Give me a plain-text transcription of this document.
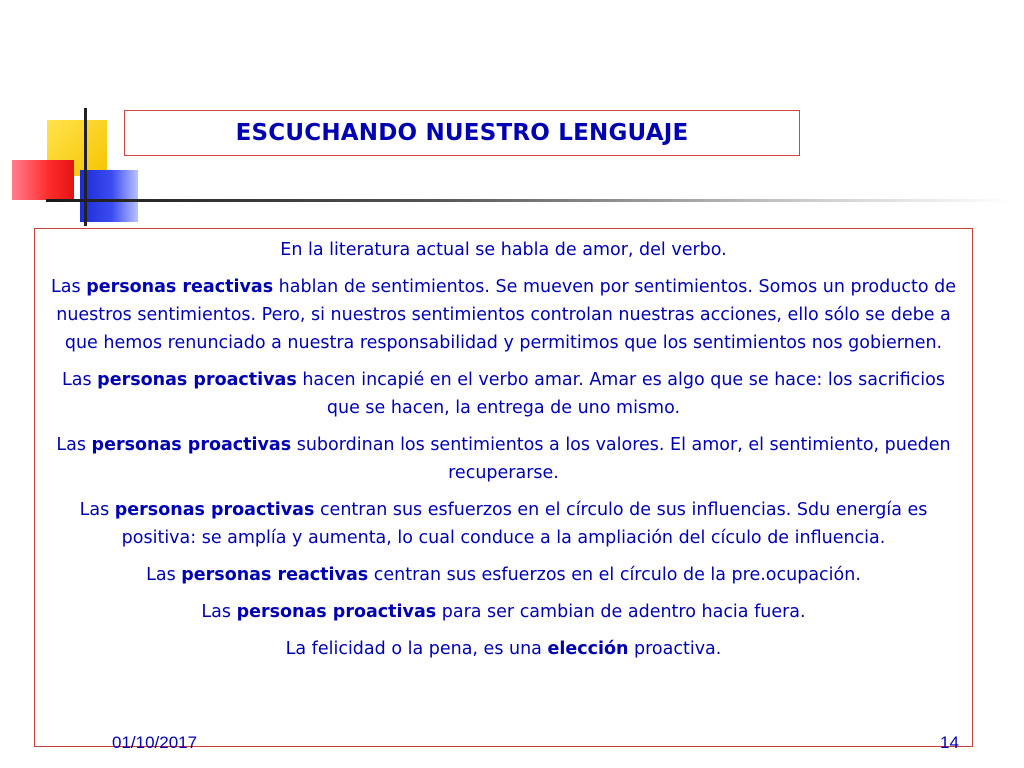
ESCUCHANDO NUESTRO LENGUAJE

En la literatura actual se habla de amor, del verbo.

Las personas reactivas hablan de sentimientos. Se mueven por sentimientos. Somos un producto de nuestros sentimientos. Pero, si nuestros sentimientos controlan nuestras acciones, ello sólo se debe a que hemos renunciado a nuestra responsabilidad y permitimos que los sentimientos nos gobiernen.

Las personas proactivas hacen incapié en el verbo amar. Amar es algo que se hace: los sacrificios que se hacen, la entrega de uno mismo.

Las personas proactivas subordinan los sentimientos a los valores. El amor, el sentimiento, pueden recuperarse.

Las personas proactivas centran sus esfuerzos en el círculo de sus influencias. Sdu energía es positiva: se amplía y aumenta, lo cual conduce a la ampliación del cículo de influencia.

Las personas reactivas centran sus esfuerzos en el círculo de la pre.ocupación.

Las personas proactivas para ser cambian de adentro hacia fuera.

La felicidad o la pena, es una elección proactiva.

01/10/2017	14
